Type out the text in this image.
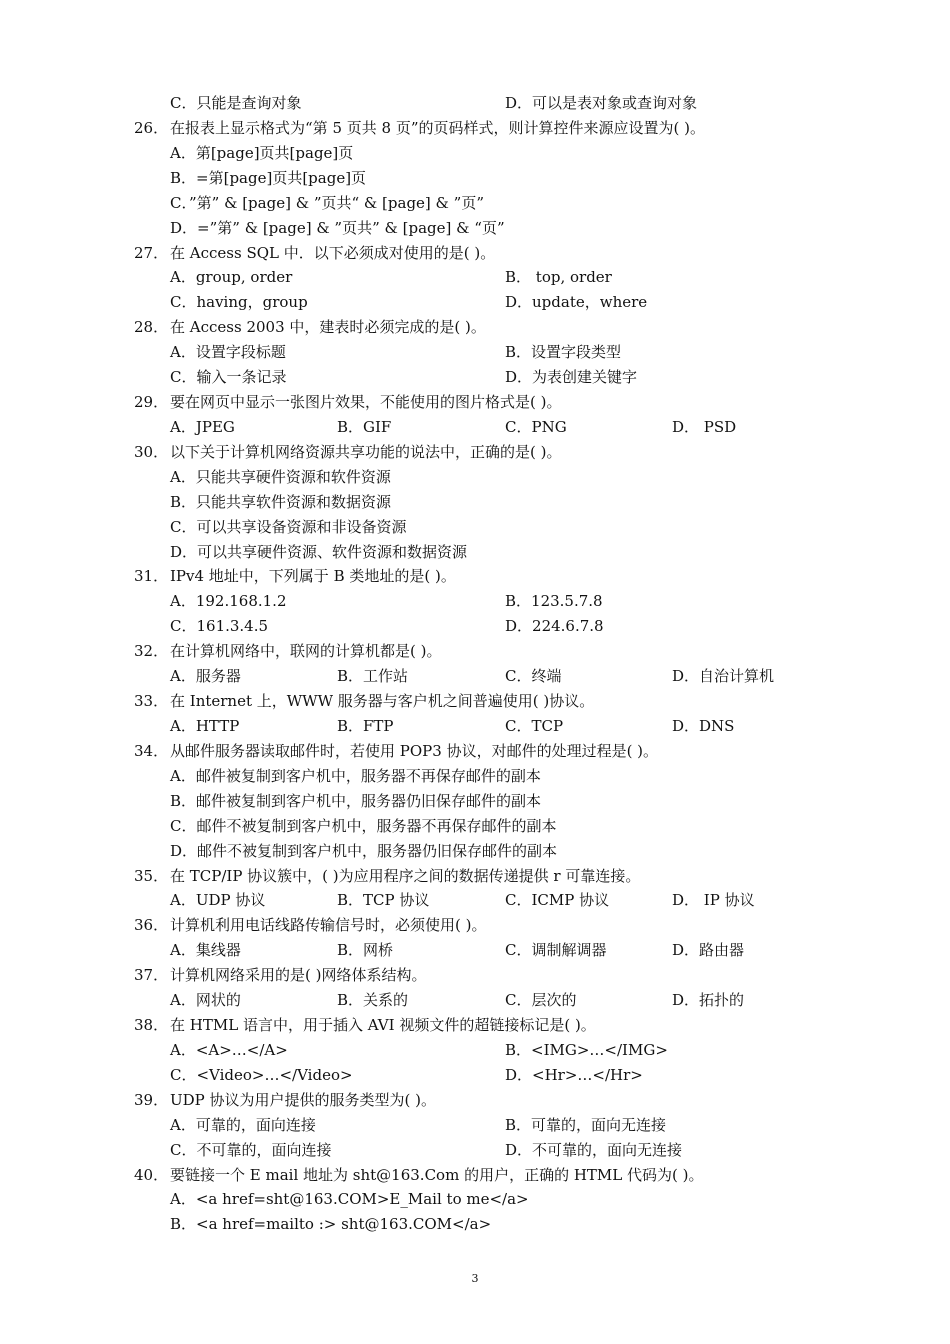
3
C．只能是查询对象	D．可以是表对象或查询对象
26． 在报表上显示格式为“第 5 页共 8 页”的页码样式，则计算控件来源应设置为( )。
A．第[page]页共[page]页
B．=第[page]页共[page]页
C．”第” & [page] & ”页共“ & [page] & ”页”
D．=”第” & [page] & ”页共” & [page] & “页”
27． 在 Access SQL 中．以下必须成对使用的是( )。
A．group, order	B． top, order
C．having，group	D．update，where
28． 在 Access 2003 中，建表时必须完成的是( )。
A．设置字段标题	B．设置字段类型
C．输入一条记录	D．为表创建关键字
29． 要在网页中显示一张图片效果，不能使用的图片格式是( )。
A．JPEG	B．GIF	C．PNG	D． PSD
30． 以下关于计算机网络资源共享功能的说法中，正确的是( )。
A．只能共享硬件资源和软件资源
B．只能共享软件资源和数据资源
C．可以共享设备资源和非设备资源
D．可以共享硬件资源、软件资源和数据资源
31． IPv4 地址中，下列属于 B 类地址的是( )。
A．192.168.1.2	B．123.5.7.8
C．161.3.4.5	D．224.6.7.8
32． 在计算机网络中，联网的计算机都是( )。
A．服务器	B．工作站	C．终端	D．自治计算机
33． 在 Internet 上，WWW 服务器与客户机之间普遍使用( )协议。
A．HTTP	B．FTP	C．TCP	D．DNS
34． 从邮件服务器读取邮件时，若使用 POP3 协议，对邮件的处理过程是( )。
A．邮件被复制到客户机中，服务器不再保存邮件的副本
B．邮件被复制到客户机中，服务器仍旧保存邮件的副本
C．邮件不被复制到客户机中，服务器不再保存邮件的副本
D．邮件不被复制到客户机中，服务器仍旧保存邮件的副本
35． 在 TCP/IP 协议簇中，( )为应用程序之间的数据传递提供 r 可靠连接。
A．UDP 协议	B．TCP 协议	C．ICMP 协议	D． IP 协议
36． 计算机利用电话线路传输信号时，必须使用( )。
A．集线器	B．网桥	C．调制解调器	D．路由器
37． 计算机网络采用的是( )网络体系结构。
A．网状的	B．关系的	C．层次的	D．拓扑的
38． 在 HTML 语言中，用于插入 AVI 视频文件的超链接标记是( )。
A．<A>…</A>	B．<IMG>…</IMG>
C．<Video>…</Video>	D．<Hr>…</Hr>
39． UDP 协议为用户提供的服务类型为( )。
A．可靠的，面向连接	B．可靠的，面向无连接
C．不可靠的，面向连接	D．不可靠的，面向无连接
40． 要链接一个 E mail 地址为 sht@163.Com 的用户，正确的 HTML 代码为( )。
A．<a href=sht@163.COM>E_Mail to me</a>
B．<a href=mailto :> sht@163.COM</a>
